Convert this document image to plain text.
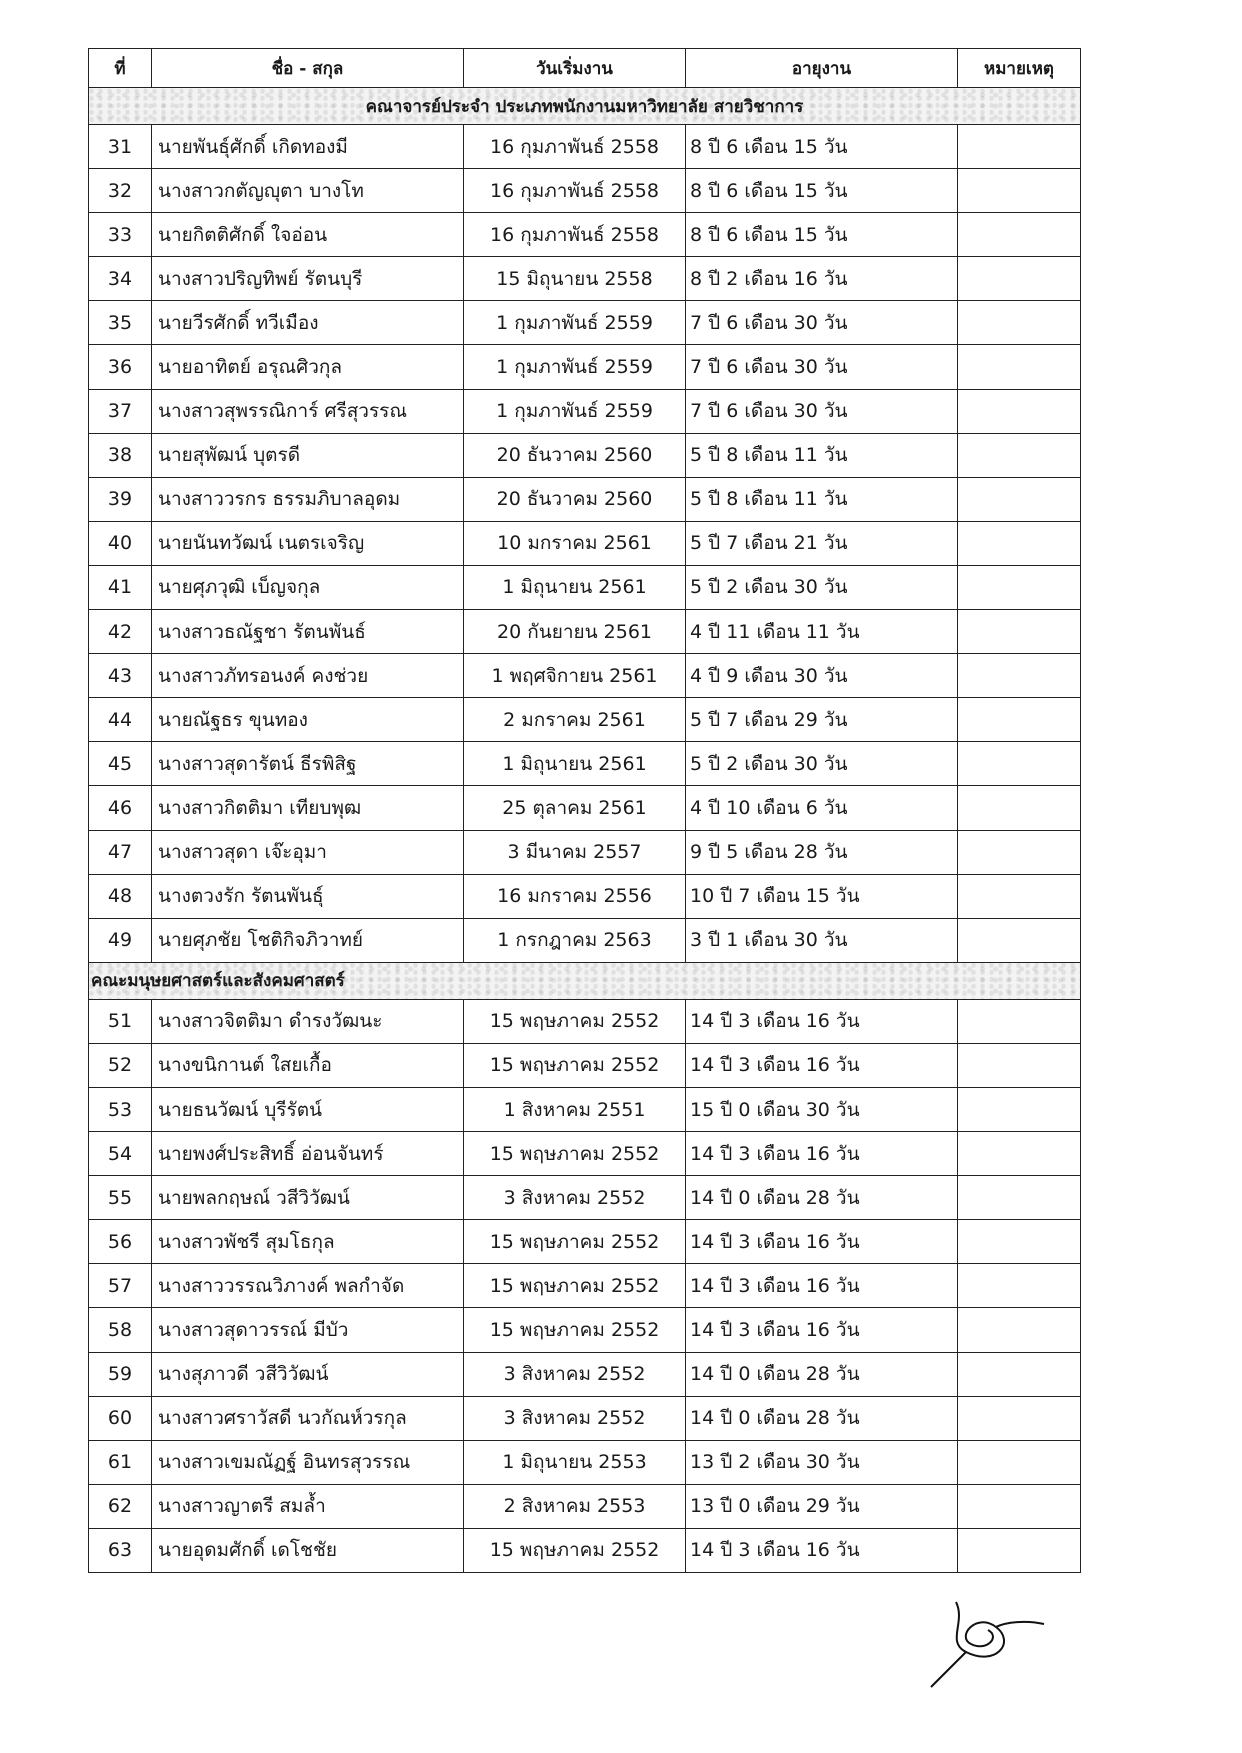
ที่	ชื่อ - สกุล	วันเริ่มงาน	อายุงาน	หมายเหตุ
คณาจารย์ประจำ ประเภทพนักงานมหาวิทยาลัย สายวิชาการ				
31	นายพันธุ์ศักดิ์ เกิดทองมี	16 กุมภาพันธ์ 2558	8 ปี 6 เดือน 15 วัน	
32	นางสาวกตัญญุตา บางโท	16 กุมภาพันธ์ 2558	8 ปี 6 เดือน 15 วัน	
33	นายกิตติศักดิ์ ใจอ่อน	16 กุมภาพันธ์ 2558	8 ปี 6 เดือน 15 วัน	
34	นางสาวปริญทิพย์ รัตนบุรี	15 มิถุนายน 2558	8 ปี 2 เดือน 16 วัน	
35	นายวีรศักดิ์ ทวีเมือง	1 กุมภาพันธ์ 2559	7 ปี 6 เดือน 30 วัน	
36	นายอาทิตย์ อรุณศิวกุล	1 กุมภาพันธ์ 2559	7 ปี 6 เดือน 30 วัน	
37	นางสาวสุพรรณิการ์ ศรีสุวรรณ	1 กุมภาพันธ์ 2559	7 ปี 6 เดือน 30 วัน	
38	นายสุพัฒน์ บุตรดี	20 ธันวาคม 2560	5 ปี 8 เดือน 11 วัน	
39	นางสาววรกร ธรรมภิบาลอุดม	20 ธันวาคม 2560	5 ปี 8 เดือน 11 วัน	
40	นายนันทวัฒน์ เนตรเจริญ	10 มกราคม 2561	5 ปี 7 เดือน 21 วัน	
41	นายศุภวุฒิ เบ็ญจกุล	1 มิถุนายน 2561	5 ปี 2 เดือน 30 วัน	
42	นางสาวธณัฐชา รัตนพันธ์	20 กันยายน 2561	4 ปี 11 เดือน 11 วัน	
43	นางสาวภัทรอนงค์ คงช่วย	1 พฤศจิกายน 2561	4 ปี 9 เดือน 30 วัน	
44	นายณัฐธร ขุนทอง	2 มกราคม 2561	5 ปี 7 เดือน 29 วัน	
45	นางสาวสุดารัตน์ ธีรพิสิฐ	1 มิถุนายน 2561	5 ปี 2 เดือน 30 วัน	
46	นางสาวกิตติมา เทียบพุฒ	25 ตุลาคม 2561	4 ปี 10 เดือน 6 วัน	
47	นางสาวสุดา เจ๊ะอุมา	3 มีนาคม 2557	9 ปี 5 เดือน 28 วัน	
48	นางตวงรัก รัตนพันธุ์	16 มกราคม 2556	10 ปี 7 เดือน 15 วัน	
49	นายศุภชัย โชติกิจภิวาทย์	1 กรกฎาคม 2563	3 ปี 1 เดือน 30 วัน	
คณะมนุษยศาสตร์และสังคมศาสตร์				
51	นางสาวจิตติมา ดำรงวัฒนะ	15 พฤษภาคม 2552	14 ปี 3 เดือน 16 วัน	
52	นางขนิกานต์ ใสยเกื้อ	15 พฤษภาคม 2552	14 ปี 3 เดือน 16 วัน	
53	นายธนวัฒน์ บุรีรัตน์	1 สิงหาคม 2551	15 ปี 0 เดือน 30 วัน	
54	นายพงศ์ประสิทธิ์ อ่อนจันทร์	15 พฤษภาคม 2552	14 ปี 3 เดือน 16 วัน	
55	นายพลกฤษณ์ วสีวิวัฒน์	3 สิงหาคม 2552	14 ปี 0 เดือน 28 วัน	
56	นางสาวพัชรี สุมโธกุล	15 พฤษภาคม 2552	14 ปี 3 เดือน 16 วัน	
57	นางสาววรรณวิภางค์ พลกำจัด	15 พฤษภาคม 2552	14 ปี 3 เดือน 16 วัน	
58	นางสาวสุดาวรรณ์ มีบัว	15 พฤษภาคม 2552	14 ปี 3 เดือน 16 วัน	
59	นางสุภาวดี วสีวิวัฒน์	3 สิงหาคม 2552	14 ปี 0 เดือน 28 วัน	
60	นางสาวศราวัสดี นวกัณห์วรกุล	3 สิงหาคม 2552	14 ปี 0 เดือน 28 วัน	
61	นางสาวเขมณัฏฐ์ อินทรสุวรรณ	1 มิถุนายน 2553	13 ปี 2 เดือน 30 วัน	
62	นางสาวญาตรี สมล้ำ	2 สิงหาคม 2553	13 ปี 0 เดือน 29 วัน	
63	นายอุดมศักดิ์ เดโชชัย	15 พฤษภาคม 2552	14 ปี 3 เดือน 16 วัน	
